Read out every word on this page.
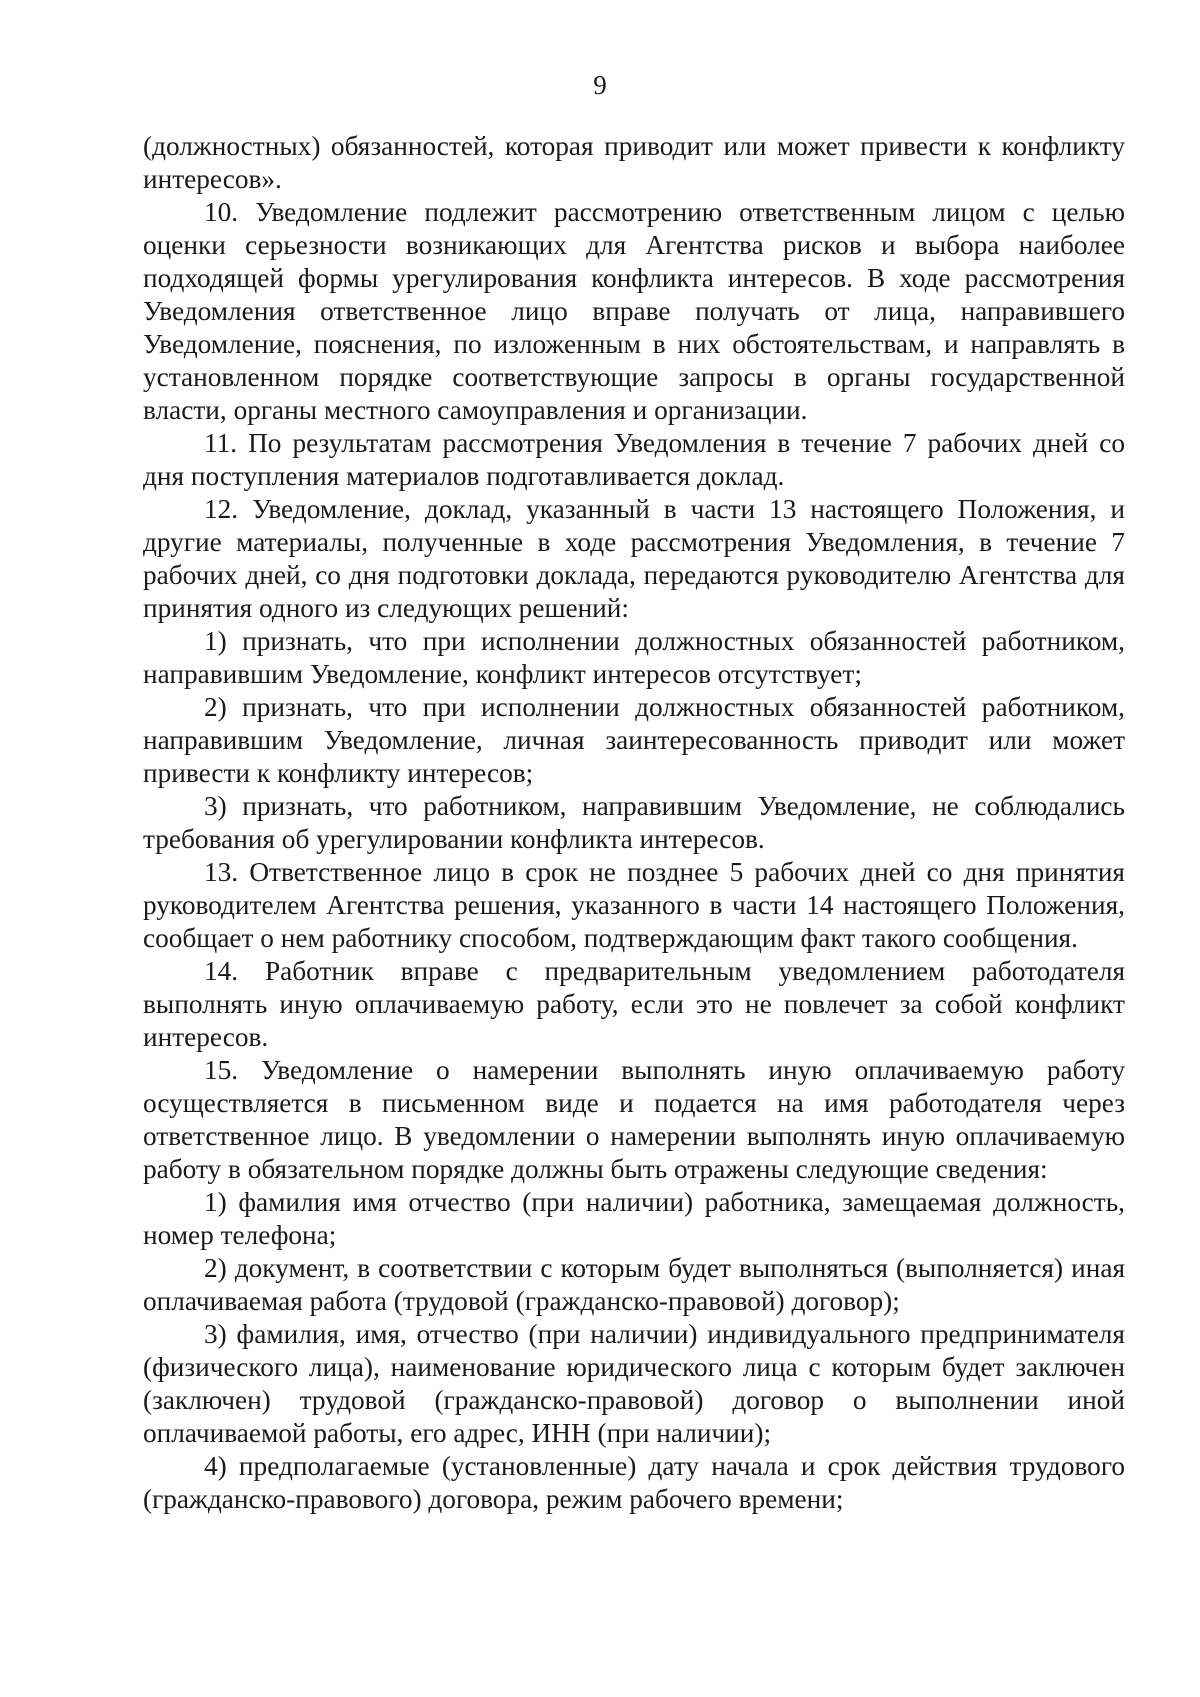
9

(должностных) обязанностей, которая приводит или может привести к конфликту интересов».

10. Уведомление подлежит рассмотрению ответственным лицом с целью оценки серьезности возникающих для Агентства рисков и выбора наиболее подходящей формы урегулирования конфликта интересов. В ходе рассмотрения Уведомления ответственное лицо вправе получать от лица, направившего Уведомление, пояснения, по изложенным в них обстоятельствам, и направлять в установленном порядке соответствующие запросы в органы государственной власти, органы местного самоуправления и организации.

11. По результатам рассмотрения Уведомления в течение 7 рабочих дней со дня поступления материалов подготавливается доклад.

12. Уведомление, доклад, указанный в части 13 настоящего Положения, и другие материалы, полученные в ходе рассмотрения Уведомления, в течение 7 рабочих дней, со дня подготовки доклада, передаются руководителю Агентства для принятия одного из следующих решений:

1) признать, что при исполнении должностных обязанностей работником, направившим Уведомление, конфликт интересов отсутствует;

2) признать, что при исполнении должностных обязанностей работником, направившим Уведомление, личная заинтересованность приводит или может привести к конфликту интересов;

3) признать, что работником, направившим Уведомление, не соблюдались требования об урегулировании конфликта интересов.

13. Ответственное лицо в срок не позднее 5 рабочих дней со дня принятия руководителем Агентства решения, указанного в части 14 настоящего Положения, сообщает о нем работнику способом, подтверждающим факт такого сообщения.

14. Работник вправе с предварительным уведомлением работодателя выполнять иную оплачиваемую работу, если это не повлечет за собой конфликт интересов.

15. Уведомление о намерении выполнять иную оплачиваемую работу осуществляется в письменном виде и подается на имя работодателя через ответственное лицо. В уведомлении о намерении выполнять иную оплачиваемую работу в обязательном порядке должны быть отражены следующие сведения:

1) фамилия имя отчество (при наличии) работника, замещаемая должность, номер телефона;

2) документ, в соответствии с которым будет выполняться (выполняется) иная оплачиваемая работа (трудовой (гражданско-правовой) договор);

3) фамилия, имя, отчество (при наличии) индивидуального предпринимателя (физического лица), наименование юридического лица с которым будет заключен (заключен) трудовой (гражданско-правовой) договор о выполнении иной оплачиваемой работы, его адрес, ИНН (при наличии);

4) предполагаемые (установленные) дату начала и срок действия трудового (гражданско-правового) договора, режим рабочего времени;
